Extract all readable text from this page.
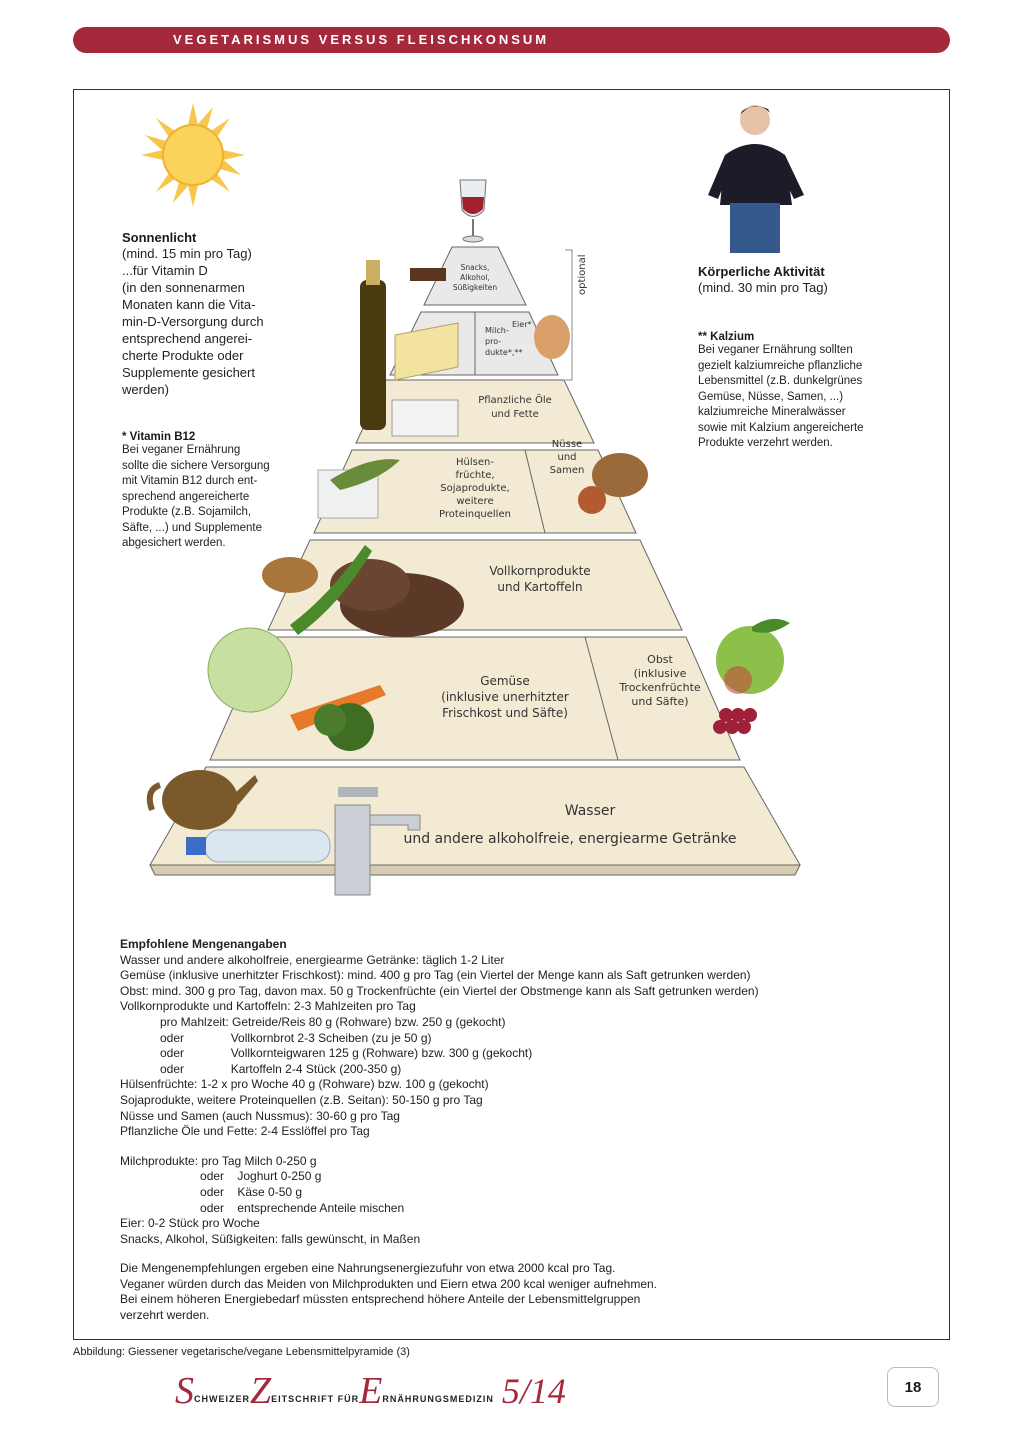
VEGETARISMUS VERSUS FLEISCHKONSUM
Sonnenlicht
(mind. 15 min pro Tag)
...für Vitamin D
(in den sonnenarmen
Monaten kann die Vita-
min-D-Versorgung durch
entsprechend angerei-
cherte Produkte oder
Supplemente gesichert
werden)
* Vitamin B12
Bei veganer Ernährung
sollte die sichere Versorgung
mit Vitamin B12 durch ent-
sprechend angereicherte
Produkte (z.B. Sojamilch,
Säfte, ...) und Supplemente
abgesichert werden.
Körperliche Aktivität
(mind. 30 min pro Tag)
** Kalzium
Bei veganer Ernährung sollten
gezielt kalziumreiche pflanzliche
Lebensmittel (z.B. dunkelgrünes
Gemüse, Nüsse, Samen, ...)
kalziumreiche Mineralwässer
sowie mit Kalzium angereicherte
Produkte verzehrt werden.
optional
Snacks,
Alkohol,
Süßigkeiten
Milch-
pro-
dukte*,**
Eier*
Pflanzliche Öle
und Fette
Hülsen-
früchte,
Sojaprodukte,
weitere
Proteinquellen
Nüsse
und
Samen
Vollkornprodukte
und Kartoffeln
Gemüse
(inklusive unerhitzter
Frischkost und Säfte)
Obst
(inklusive
Trockenfrüchte
und Säfte)
Wasser
und andere alkoholfreie, energiearme Getränke
Empfohlene Mengenangaben
Wasser und andere alkoholfreie, energiearme Getränke: täglich 1-2 Liter
Gemüse (inklusive unerhitzter Frischkost): mind. 400 g pro Tag (ein Viertel der Menge kann als Saft getrunken werden)
Obst: mind. 300 g pro Tag, davon max. 50 g Trockenfrüchte (ein Viertel der Obstmenge kann als Saft getrunken werden)
Vollkornprodukte und Kartoffeln: 2-3 Mahlzeiten pro Tag
pro Mahlzeit: Getreide/Reis 80 g (Rohware) bzw. 250 g (gekocht)
oder              Vollkornbrot 2-3 Scheiben (zu je 50 g)
oder              Vollkornteigwaren 125 g (Rohware) bzw. 300 g (gekocht)
oder              Kartoffeln 2-4 Stück (200-350 g)
Hülsenfrüchte: 1-2 x pro Woche 40 g (Rohware) bzw. 100 g (gekocht)
Sojaprodukte, weitere Proteinquellen (z.B. Seitan): 50-150 g pro Tag
Nüsse und Samen (auch Nussmus): 30-60 g pro Tag
Pflanzliche Öle und Fette: 2-4 Esslöffel pro Tag
Milchprodukte: pro Tag Milch 0-250 g
oder    Joghurt 0-250 g
oder    Käse 0-50 g
oder    entsprechende Anteile mischen
Eier: 0-2 Stück pro Woche
Snacks, Alkohol, Süßigkeiten: falls gewünscht, in Maßen
Die Mengenempfehlungen ergeben eine Nahrungsenergiezufuhr von etwa 2000 kcal pro Tag.
Veganer würden durch das Meiden von Milchprodukten und Eiern etwa 200 kcal weniger aufnehmen.
Bei einem höheren Energiebedarf müssten entsprechend höhere Anteile der Lebensmittelgruppen
verzehrt werden.
Abbildung: Giessener vegetarische/vegane Lebensmittelpyramide (3)
S CHWEIZER Z EITSCHRIFT FÜR E RNÄHRUNGSMEDIZIN 5/14	18
